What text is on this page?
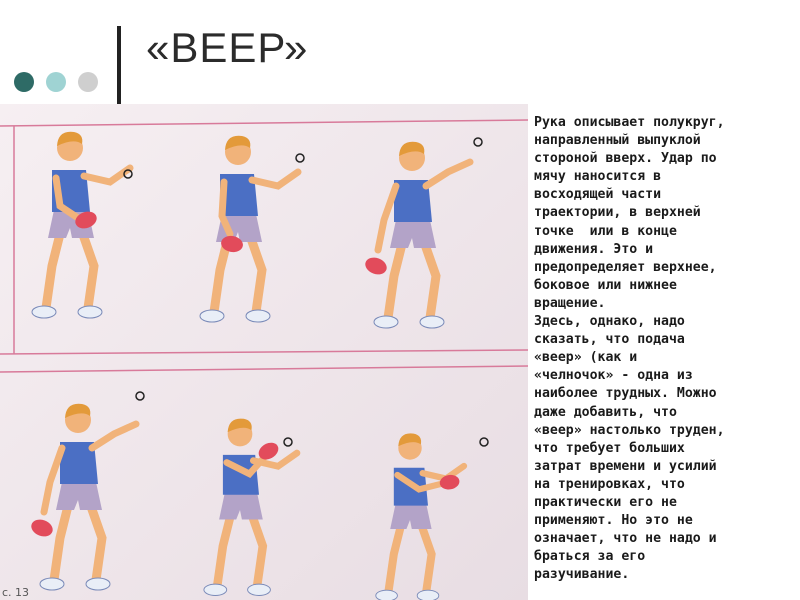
«ВЕЕР»
с. 13

Рука описывает полукруг,
направленный выпуклой
стороной вверх. Удар по
мячу наносится в
восходящей части
траектории, в верхней
точке  или в конце
движения. Это и
предопределяет верхнее,
боковое или нижнее
вращение.

Здесь, однако, надо
сказать, что подача
«веер» (как и
«челночок» - одна из
наиболее трудных. Можно
даже добавить, что
«веер» настолько труден,
что требует больших
затрат времени и усилий
на тренировках, что
практически его не
применяют. Но это не
означает, что не надо и
браться за его
разучивание.
